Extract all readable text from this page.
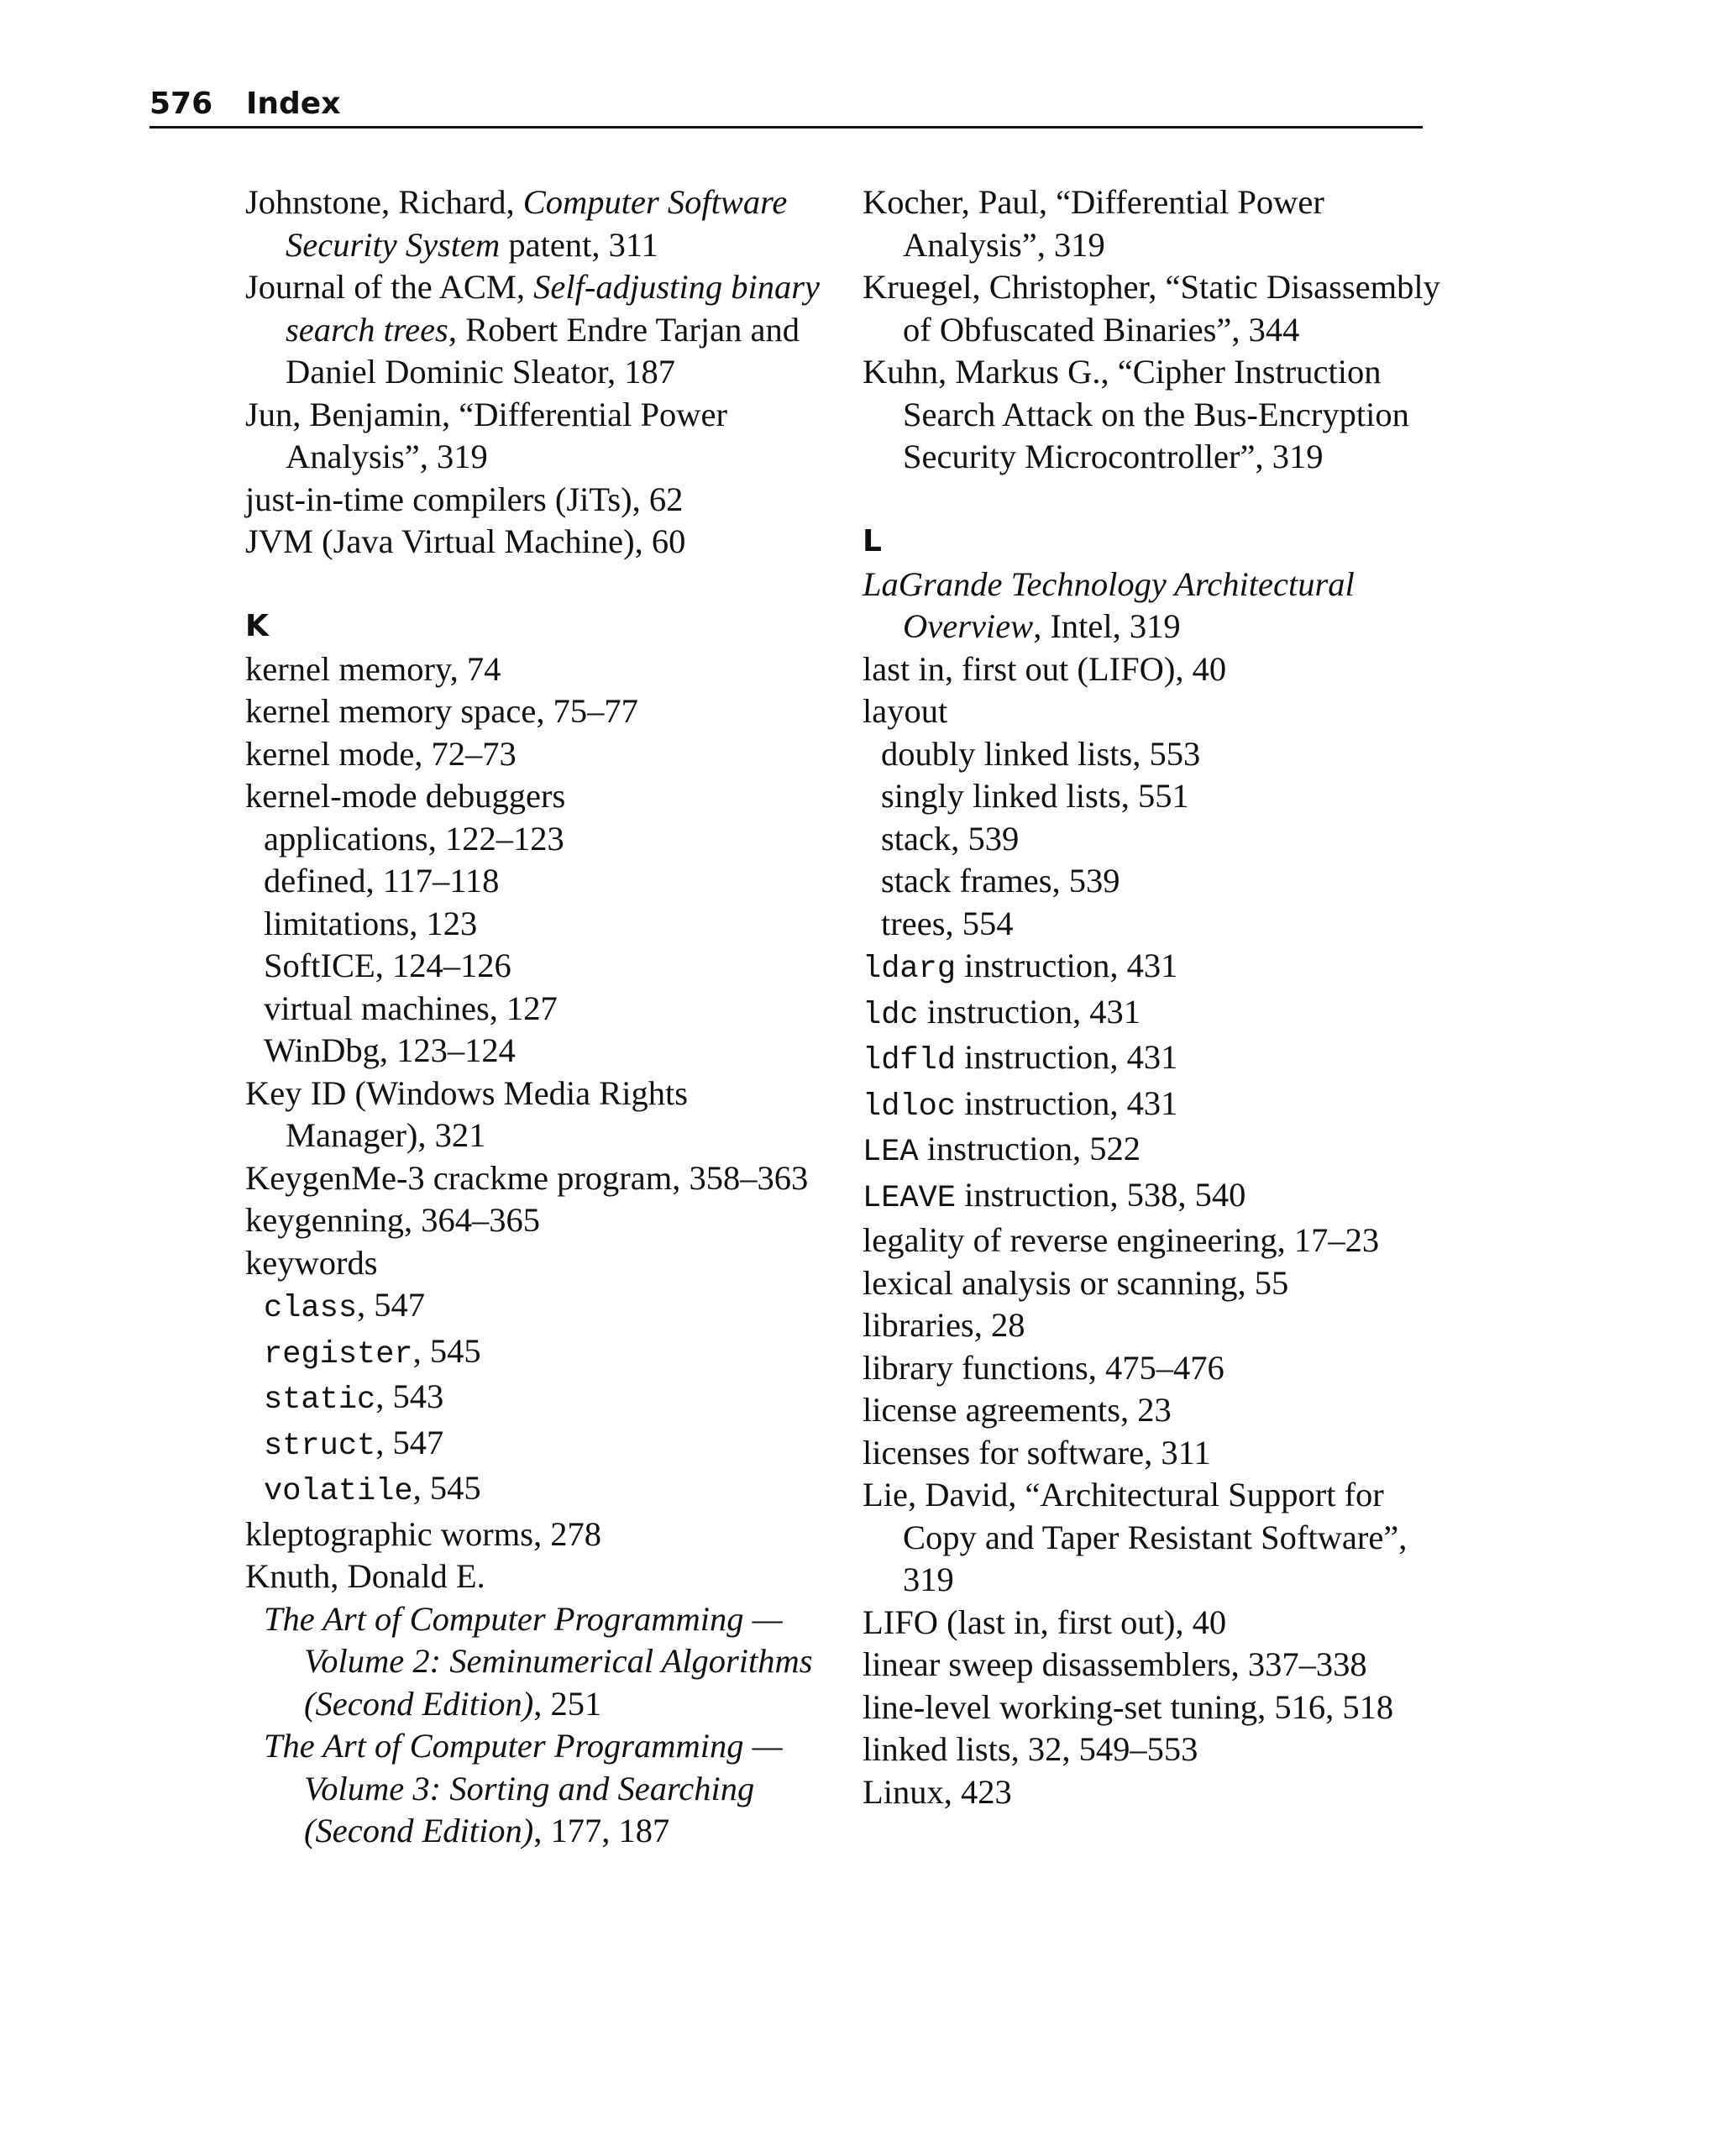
576 Index

Johnstone, Richard, Computer Software Security System patent, 311

Journal of the ACM, Self-adjusting binary search trees, Robert Endre Tarjan and Daniel Dominic Sleator, 187

Jun, Benjamin, “Differential Power Analysis”, 319

just-in-time compilers (JiTs), 62

JVM (Java Virtual Machine), 60

K

kernel memory, 74

kernel memory space, 75–77

kernel mode, 72–73

kernel-mode debuggers

applications, 122–123

defined, 117–118

limitations, 123

SoftICE, 124–126

virtual machines, 127

WinDbg, 123–124

Key ID (Windows Media Rights Manager), 321

KeygenMe-3 crackme program, 358–363

keygenning, 364–365

keywords

class, 547

register, 545

static, 543

struct, 547

volatile, 545

kleptographic worms, 278

Knuth, Donald E.

The Art of Computer Programming — Volume 2: Seminumerical Algorithms (Second Edition), 251

The Art of Computer Programming — Volume 3: Sorting and Searching (Second Edition), 177, 187

Kocher, Paul, “Differential Power Analysis”, 319

Kruegel, Christopher, “Static Disassembly of Obfuscated Binaries”, 344

Kuhn, Markus G., “Cipher Instruction Search Attack on the Bus-Encryption Security Microcontroller”, 319

L

LaGrande Technology Architectural Overview, Intel, 319

last in, first out (LIFO), 40

layout

doubly linked lists, 553

singly linked lists, 551

stack, 539

stack frames, 539

trees, 554

ldarg instruction, 431

ldc instruction, 431

ldfld instruction, 431

ldloc instruction, 431

LEA instruction, 522

LEAVE instruction, 538, 540

legality of reverse engineering, 17–23

lexical analysis or scanning, 55

libraries, 28

library functions, 475–476

license agreements, 23

licenses for software, 311

Lie, David, “Architectural Support for Copy and Taper Resistant Software”, 319

LIFO (last in, first out), 40

linear sweep disassemblers, 337–338

line-level working-set tuning, 516, 518

linked lists, 32, 549–553

Linux, 423
